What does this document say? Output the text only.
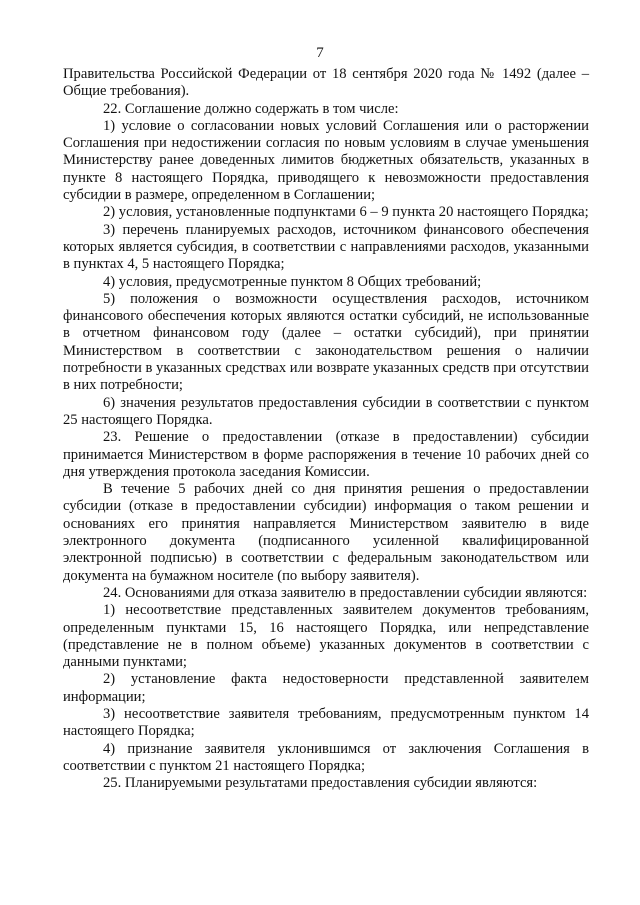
7

Правительства Российской Федерации от 18 сентября 2020 года № 1492 (далее – Общие требования).

22. Соглашение должно содержать в том числе:

1) условие о согласовании новых условий Соглашения или о расторжении Соглашения при недостижении согласия по новым условиям в случае уменьшения Министерству ранее доведенных лимитов бюджетных обязательств, указанных в пункте 8 настоящего Порядка, приводящего к невозможности предоставления субсидии в размере, определенном в Соглашении;

2) условия, установленные подпунктами 6 – 9 пункта 20 настоящего Порядка;

3) перечень планируемых расходов, источником финансового обеспечения которых является субсидия, в соответствии с направлениями расходов, указанными в пунктах 4, 5 настоящего Порядка;

4) условия, предусмотренные пунктом 8 Общих требований;

5) положения о возможности осуществления расходов, источником финансового обеспечения которых являются остатки субсидий, не использованные в отчетном финансовом году (далее – остатки субсидий), при принятии Министерством в соответствии с законодательством решения о наличии потребности в указанных средствах или возврате указанных средств при отсутствии в них потребности;

6) значения результатов предоставления субсидии в соответствии с пунктом 25 настоящего Порядка.

23. Решение о предоставлении (отказе в предоставлении) субсидии принимается Министерством в форме распоряжения в течение 10 рабочих дней со дня утверждения протокола заседания Комиссии.

В течение 5 рабочих дней со дня принятия решения о предоставлении субсидии (отказе в предоставлении субсидии) информация о таком решении и основаниях его принятия направляется Министерством заявителю в виде электронного документа (подписанного усиленной квалифицированной электронной подписью) в соответствии с федеральным законодательством или документа на бумажном носителе (по выбору заявителя).

24. Основаниями для отказа заявителю в предоставлении субсидии являются:

1) несоответствие представленных заявителем документов требованиям, определенным пунктами 15, 16 настоящего Порядка, или непредставление (представление не в полном объеме) указанных документов в соответствии с данными пунктами;

2) установление факта недостоверности представленной заявителем информации;

3) несоответствие заявителя требованиям, предусмотренным пунктом 14 настоящего Порядка;

4) признание заявителя уклонившимся от заключения Соглашения в соответствии с пунктом 21 настоящего Порядка;

25. Планируемыми результатами предоставления субсидии являются:
